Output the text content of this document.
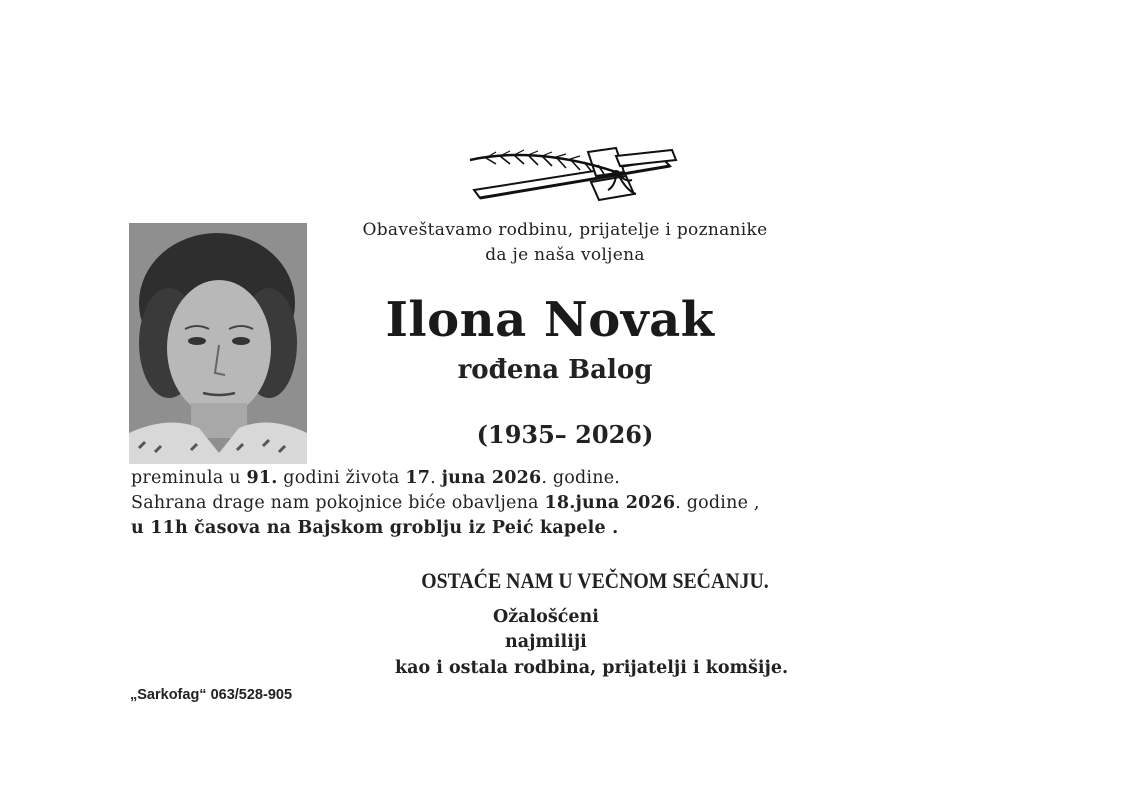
Obaveštavamo rodbinu, prijatelje i poznanike
da je naša voljena
Ilona Novak
rođena Balog
(1935– 2026)
preminula u 91. godini života 17. juna 2026. godine.
Sahrana drage nam pokojnice biće obavljena 18.juna 2026. godine ,
u 11h časova na Bajskom groblju iz Peić kapele .
OSTAĆE NAM U VEČNOM SEĆANJU.
Ožalošćeni
najmiliji
kao i ostala rodbina, prijatelji i komšije.
„Sarkofag“ 063/528-905
